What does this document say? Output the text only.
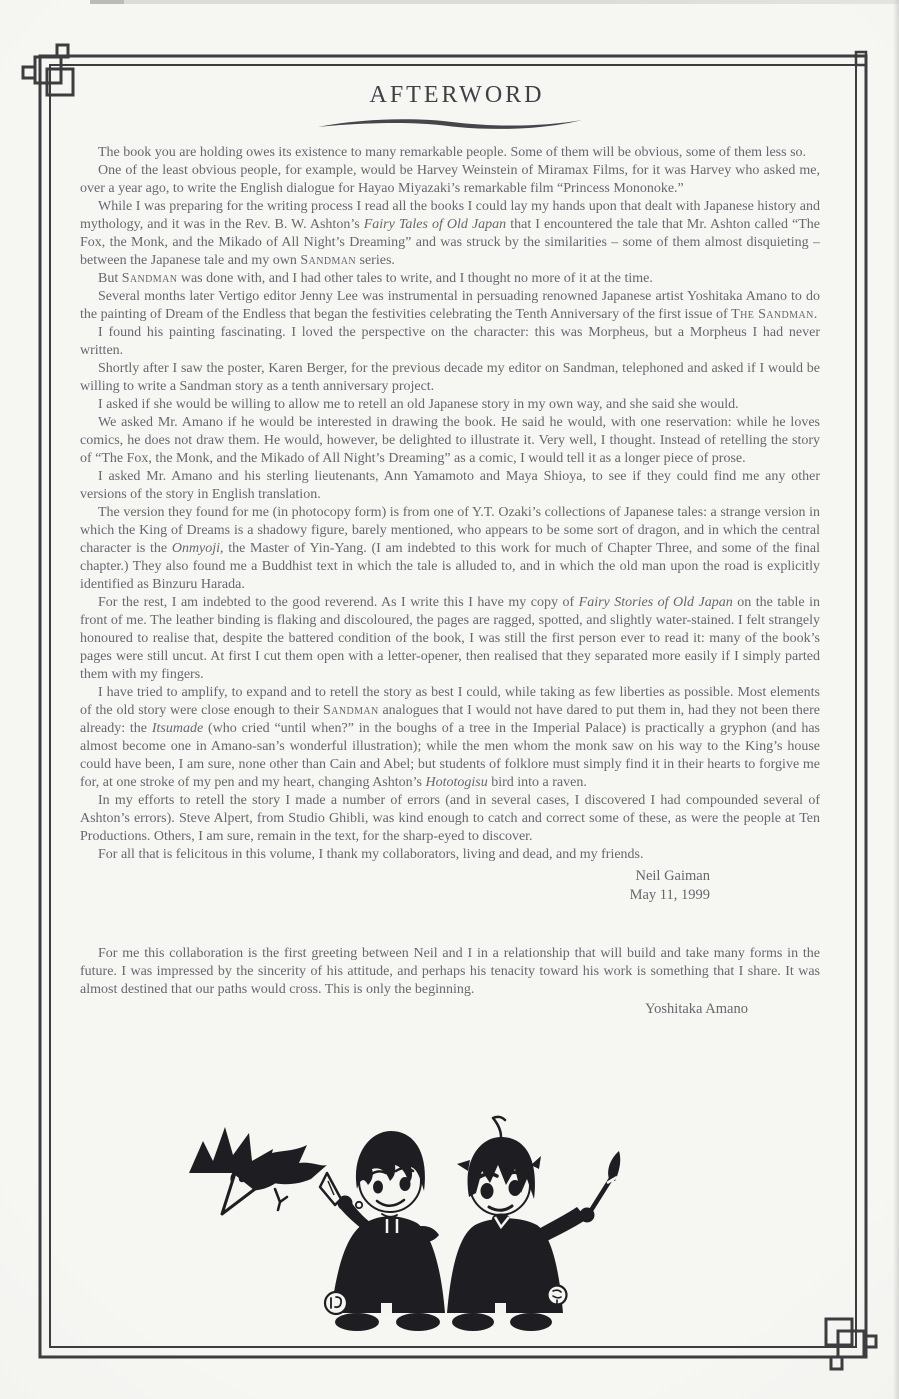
AFTERWORD

The book you are holding owes its existence to many remarkable people. Some of them will be obvious, some of them less so.

One of the least obvious people, for example, would be Harvey Weinstein of Miramax Films, for it was Harvey who asked me, over a year ago, to write the English dialogue for Hayao Miyazaki’s remarkable film “Princess Mononoke.”

While I was preparing for the writing process I read all the books I could lay my hands upon that dealt with Japanese history and mythology, and it was in the Rev. B. W. Ashton’s Fairy Tales of Old Japan that I encountered the tale that Mr. Ashton called “The Fox, the Monk, and the Mikado of All Night’s Dreaming” and was struck by the similarities – some of them almost disquieting – between the Japanese tale and my own Sandman series.

But Sandman was done with, and I had other tales to write, and I thought no more of it at the time.

Several months later Vertigo editor Jenny Lee was instrumental in persuading renowned Japanese artist Yoshitaka Amano to do the painting of Dream of the Endless that began the festivities celebrating the Tenth Anniversary of the first issue of The Sandman.

I found his painting fascinating. I loved the perspective on the character: this was Morpheus, but a Morpheus I had never written.

Shortly after I saw the poster, Karen Berger, for the previous decade my editor on Sandman, telephoned and asked if I would be willing to write a Sandman story as a tenth anniversary project.

I asked if she would be willing to allow me to retell an old Japanese story in my own way, and she said she would.

We asked Mr. Amano if he would be interested in drawing the book. He said he would, with one reservation: while he loves comics, he does not draw them. He would, however, be delighted to illustrate it. Very well, I thought. Instead of retelling the story of “The Fox, the Monk, and the Mikado of All Night’s Dreaming” as a comic, I would tell it as a longer piece of prose.

I asked Mr. Amano and his sterling lieutenants, Ann Yamamoto and Maya Shioya, to see if they could find me any other versions of the story in English translation.

The version they found for me (in photocopy form) is from one of Y.T. Ozaki’s collections of Japanese tales: a strange version in which the King of Dreams is a shadowy figure, barely mentioned, who appears to be some sort of dragon, and in which the central character is the Onmyoji, the Master of Yin-Yang. (I am indebted to this work for much of Chapter Three, and some of the final chapter.) They also found me a Buddhist text in which the tale is alluded to, and in which the old man upon the road is explicitly identified as Binzuru Harada.

For the rest, I am indebted to the good reverend. As I write this I have my copy of Fairy Stories of Old Japan on the table in front of me. The leather binding is flaking and discoloured, the pages are ragged, spotted, and slightly water-stained. I felt strangely honoured to realise that, despite the battered condition of the book, I was still the first person ever to read it: many of the book’s pages were still uncut. At first I cut them open with a letter-opener, then realised that they separated more easily if I simply parted them with my fingers.

I have tried to amplify, to expand and to retell the story as best I could, while taking as few liberties as possible. Most elements of the old story were close enough to their Sandman analogues that I would not have dared to put them in, had they not been there already: the Itsumade (who cried “until when?” in the boughs of a tree in the Imperial Palace) is practically a gryphon (and has almost become one in Amano-san’s wonderful illustration); while the men whom the monk saw on his way to the King’s house could have been, I am sure, none other than Cain and Abel; but students of folklore must simply find it in their hearts to forgive me for, at one stroke of my pen and my heart, changing Ashton’s Hototogisu bird into a raven.

In my efforts to retell the story I made a number of errors (and in several cases, I discovered I had compounded several of Ashton’s errors). Steve Alpert, from Studio Ghibli, was kind enough to catch and correct some of these, as were the people at Ten Productions. Others, I am sure, remain in the text, for the sharp-eyed to discover.

For all that is felicitous in this volume, I thank my collaborators, living and dead, and my friends.

Neil Gaiman
May 11, 1999

For me this collaboration is the first greeting between Neil and I in a relationship that will build and take many forms in the future. I was impressed by the sincerity of his attitude, and perhaps his tenacity toward his work is something that I share. It was almost destined that our paths would cross. This is only the beginning.

Yoshitaka Amano
